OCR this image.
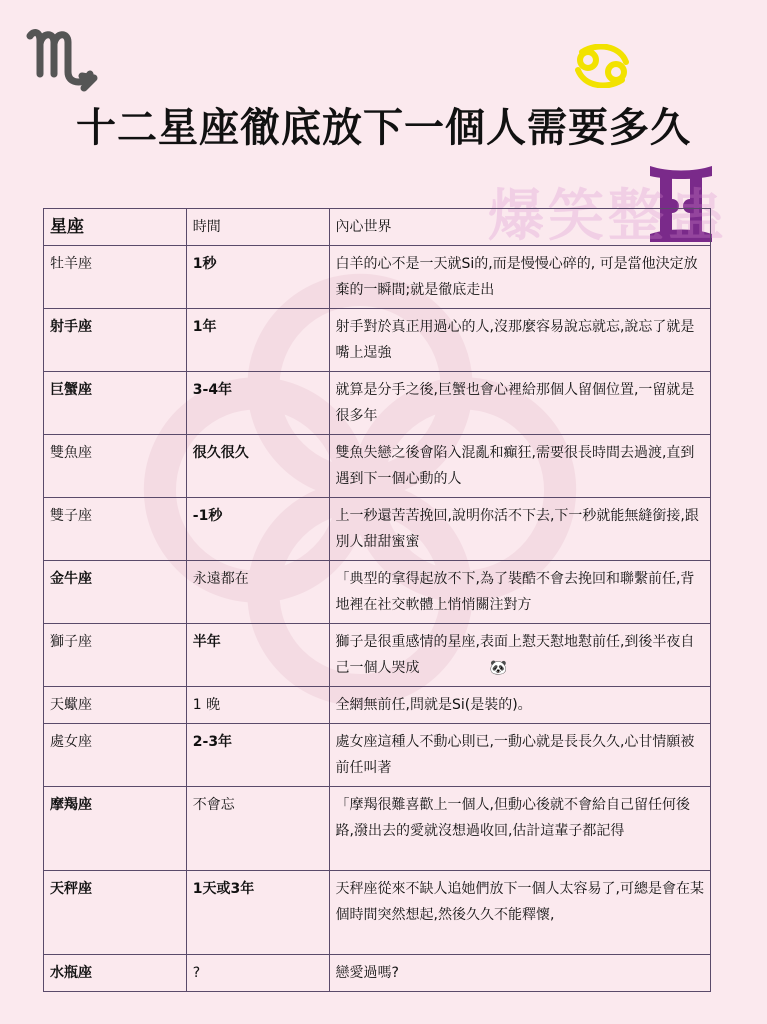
爆笑整蛊
十二星座徹底放下一個人需要多久
星座	時間	內心世界
牡羊座	1秒	白羊的心不是一天就Si的,而是慢慢心碎的, 可是當他決定放棄的一瞬間;就是徹底走出
射手座	1年	射手對於真正用過心的人,沒那麼容易說忘就忘,說忘了就是嘴上逞強
巨蟹座	3-4年	就算是分手之後,巨蟹也會心裡給那個人留個位置,一留就是很多年
雙魚座	很久很久	雙魚失戀之後會陷入混亂和癲狂,需要很長時間去過渡,直到遇到下一個心動的人
雙子座	-1秒	上一秒還苦苦挽回,說明你活不下去,下一秒就能無縫銜接,跟別人甜甜蜜蜜
金牛座	永遠都在	「典型的拿得起放不下,為了裝酷不會去挽回和聯繫前任,背地裡在社交軟體上悄悄關注對方
獅子座	半年	獅子是很重感情的星座,表面上懟天懟地懟前任,到後半夜自己一個人哭成 🐼
天蠍座	1 晚	全網無前任,問就是Si(是裝的)。
處女座	2-3年	處女座這種人不動心則已,一動心就是長長久久,心甘情願被前任叫著
摩羯座	不會忘	「摩羯很難喜歡上一個人,但動心後就不會給自己留任何後路,潑出去的愛就沒想過收回,估計這輩子都記得
天秤座	1天或3年	天秤座從來不缺人追她們放下一個人太容易了,可總是會在某個時間突然想起,然後久久不能釋懷,
水瓶座	?	戀愛過嗎?
